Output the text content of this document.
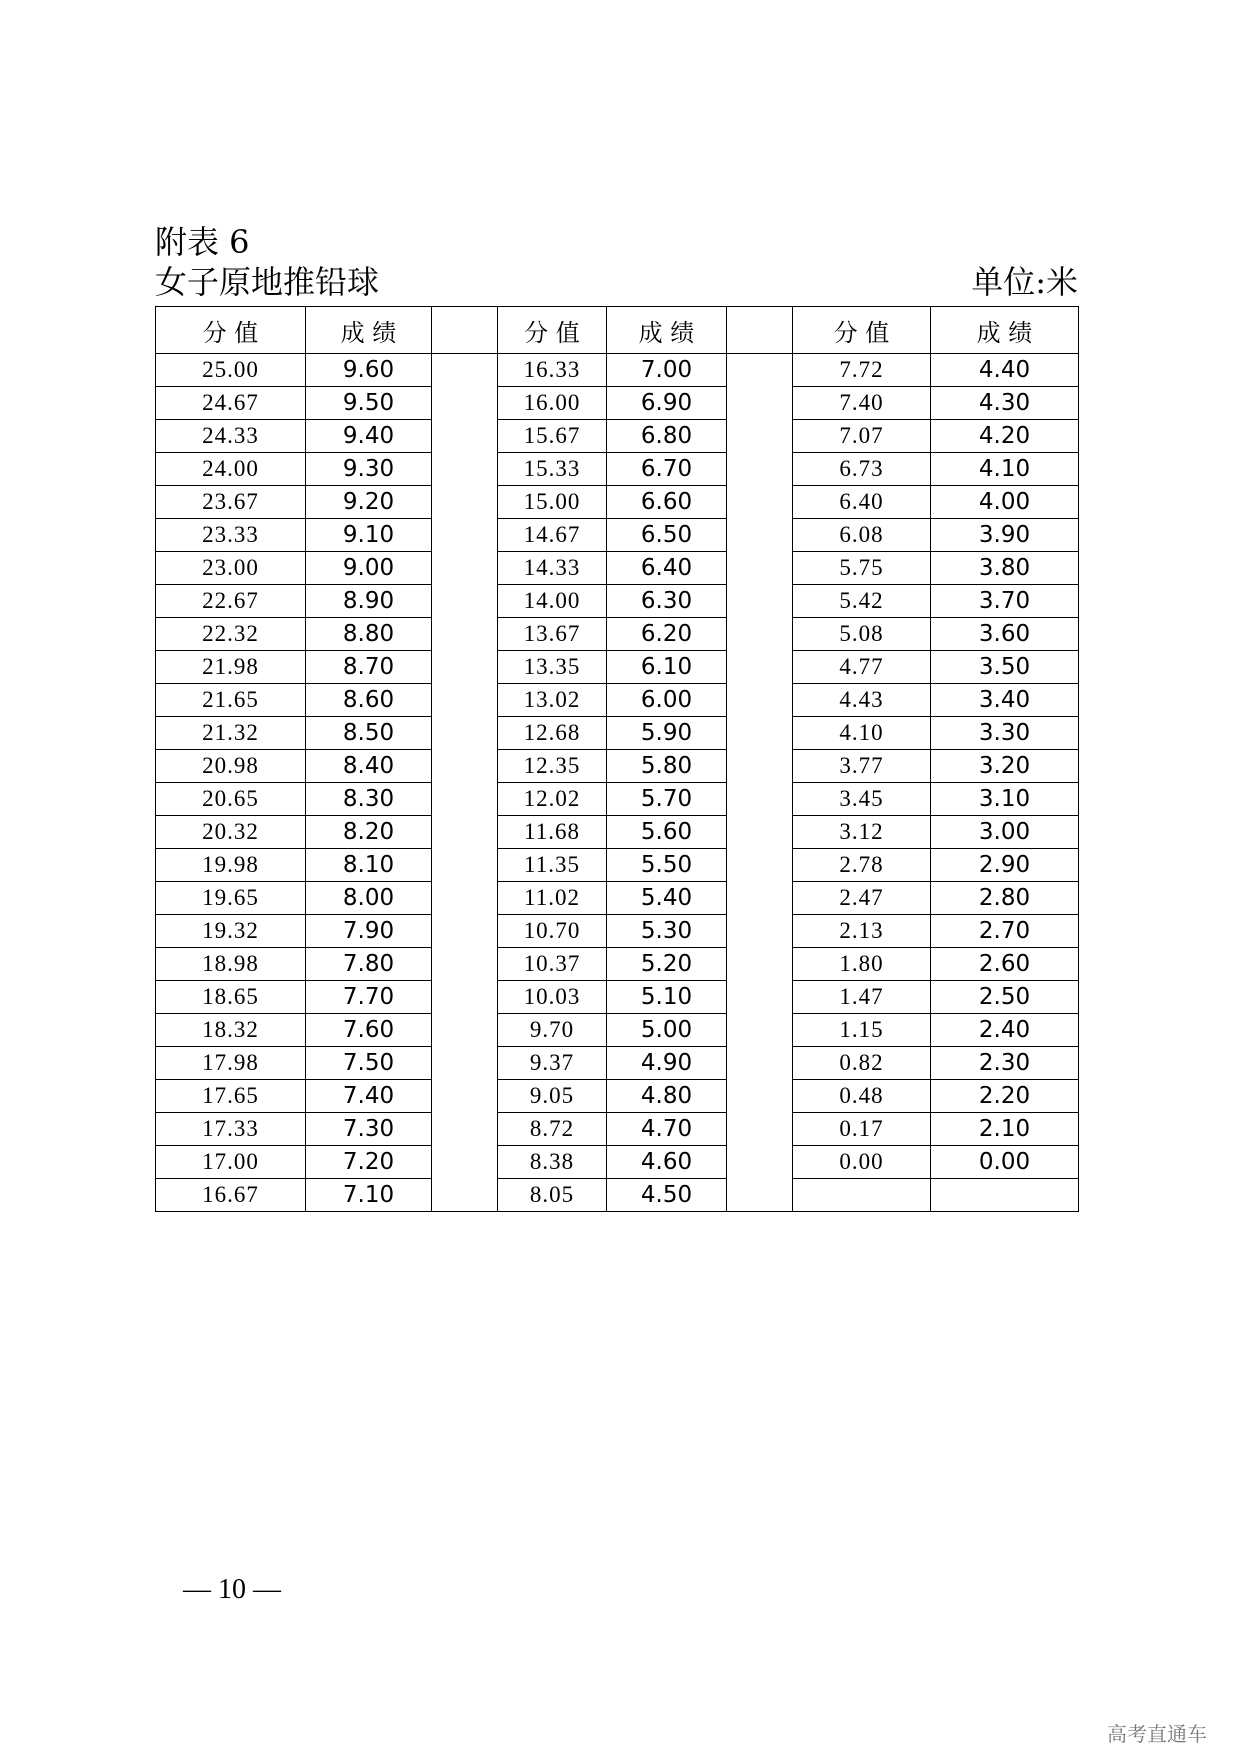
附表 6
女子原地推铅球	单位:米
分 值	成 绩		分 值	成 绩		分 值	成 绩
25.00	9.60		16.33	7.00		7.72	4.40
24.67	9.50		16.00	6.90		7.40	4.30
24.33	9.40		15.67	6.80		7.07	4.20
24.00	9.30		15.33	6.70		6.73	4.10
23.67	9.20		15.00	6.60		6.40	4.00
23.33	9.10		14.67	6.50		6.08	3.90
23.00	9.00		14.33	6.40		5.75	3.80
22.67	8.90		14.00	6.30		5.42	3.70
22.32	8.80		13.67	6.20		5.08	3.60
21.98	8.70		13.35	6.10		4.77	3.50
21.65	8.60		13.02	6.00		4.43	3.40
21.32	8.50		12.68	5.90		4.10	3.30
20.98	8.40		12.35	5.80		3.77	3.20
20.65	8.30		12.02	5.70		3.45	3.10
20.32	8.20		11.68	5.60		3.12	3.00
19.98	8.10		11.35	5.50		2.78	2.90
19.65	8.00		11.02	5.40		2.47	2.80
19.32	7.90		10.70	5.30		2.13	2.70
18.98	7.80		10.37	5.20		1.80	2.60
18.65	7.70		10.03	5.10		1.47	2.50
18.32	7.60		9.70	5.00		1.15	2.40
17.98	7.50		9.37	4.90		0.82	2.30
17.65	7.40		9.05	4.80		0.48	2.20
17.33	7.30		8.72	4.70		0.17	2.10
17.00	7.20		8.38	4.60		0.00	0.00
16.67	7.10		8.05	4.50			
— 10 —
高考直通车
